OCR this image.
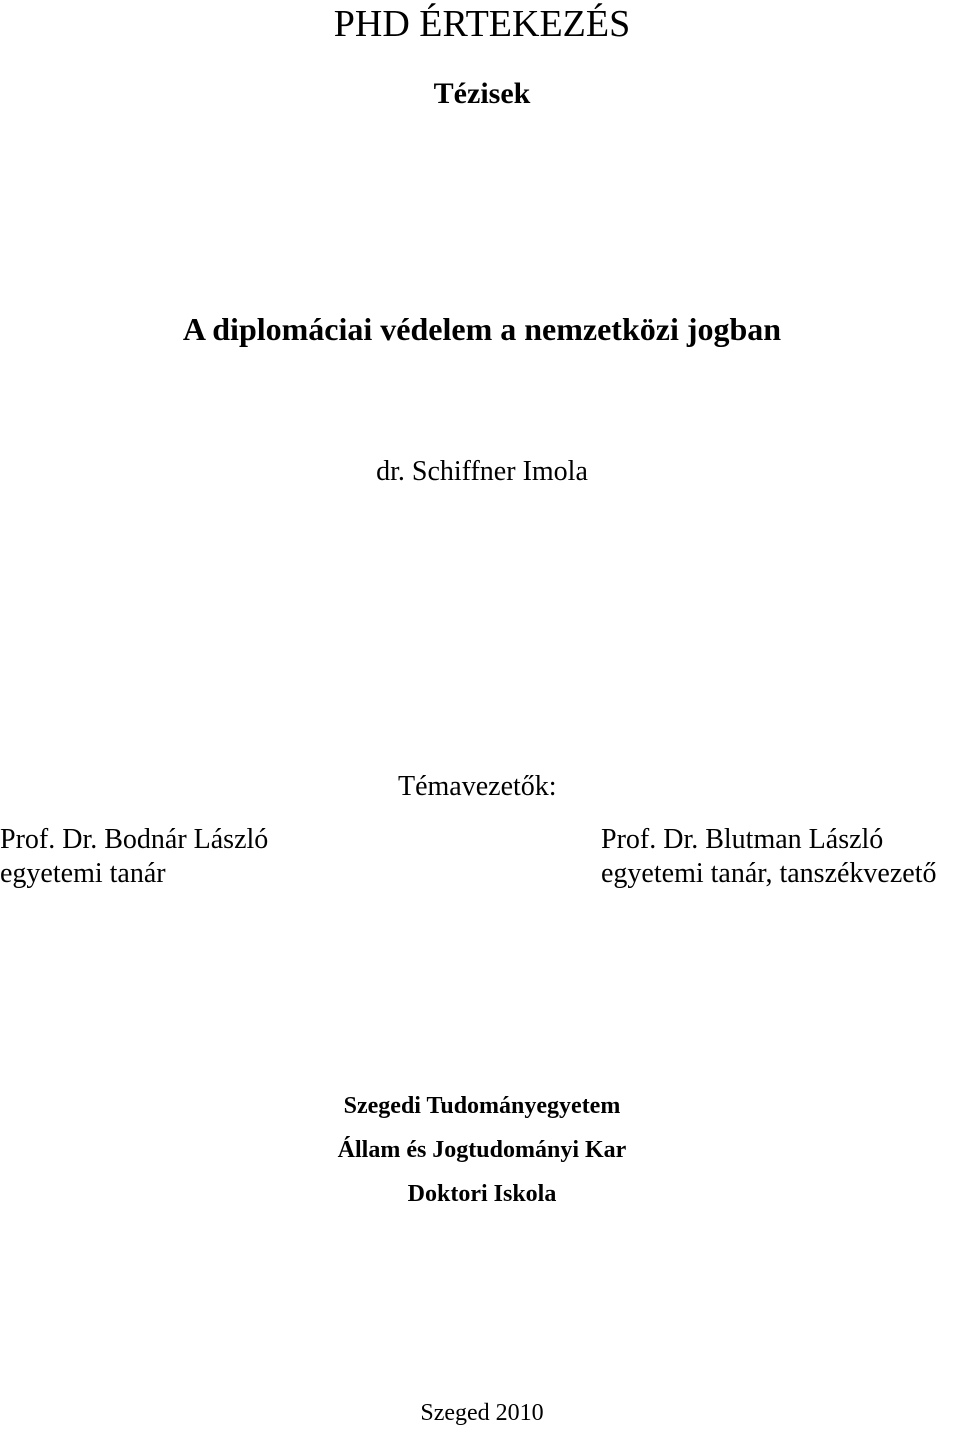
PHD ÉRTEKEZÉS
Tézisek
A diplomáciai védelem a nemzetközi jogban
dr. Schiffner Imola
Témavezetők:
Prof. Dr. Bodnár László
egyetemi tanár
Prof. Dr. Blutman László
egyetemi tanár, tanszékvezető
Szegedi Tudományegyetem
Állam és Jogtudományi Kar
Doktori Iskola
Szeged 2010
